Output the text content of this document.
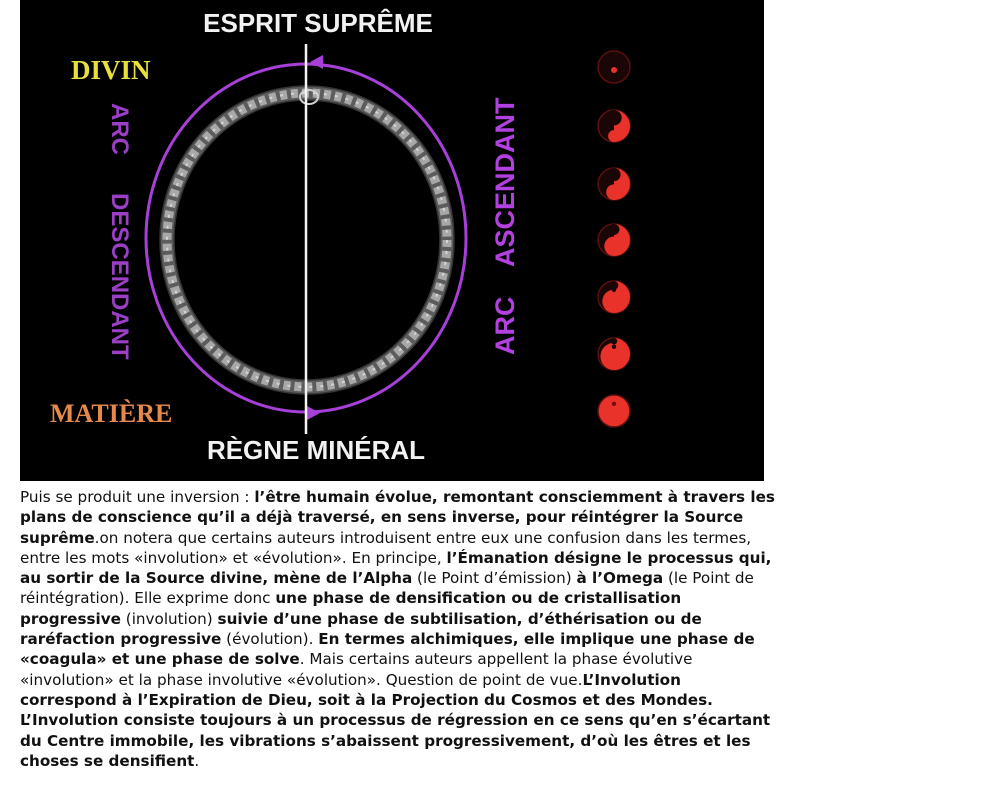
ESPRIT SUPRÊME
RÈGNE MINÉRAL
DIVIN
MATIÈRE
ARC
DESCENDANT	ARC
ASCENDANT
Puis se produit une inversion : l’être humain évolue, remontant consciemment à travers les plans de conscience qu’il a déjà traversé, en sens inverse, pour réintégrer la Source suprême.on notera que certains auteurs introduisent entre eux une confusion dans les termes, entre les mots «involution» et «évolution». En principe, l’Émanation désigne le processus qui, au sortir de la Source divine, mène de l’Alpha (le Point d’émission) à l’Omega (le Point de réintégration). Elle exprime donc une phase de densification ou de cristallisation progressive (involution) suivie d’une phase de subtilisation, d’éthérisation ou de raréfaction progressive (évolution). En termes alchimiques, elle implique une phase de «coagula» et une phase de solve. Mais certains auteurs appellent la phase évolutive «involution» et la phase involutive «évolution». Question de point de vue.L’Involution correspond à l’Expiration de Dieu, soit à la Projection du Cosmos et des Mondes. L’Involution consiste toujours à un processus de régression en ce sens qu’en s’écartant du Centre immobile, les vibrations s’abaissent progressivement, d’où les êtres et les choses se densifient.
